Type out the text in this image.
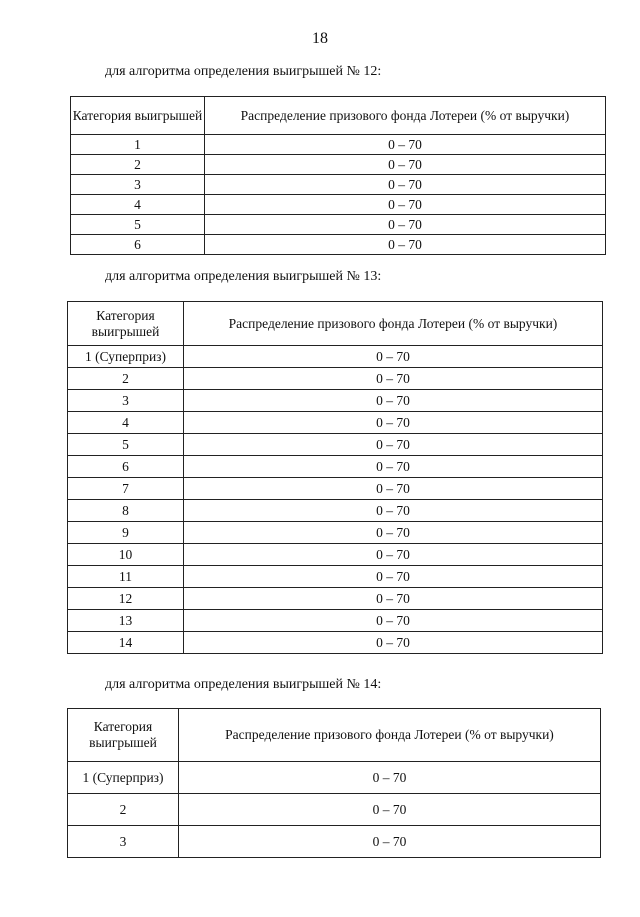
18
для алгоритма определения выигрышей № 12:
Категория выигрышей	Распределение призового фонда Лотереи (% от выручки)
1	0 – 70
2	0 – 70
3	0 – 70
4	0 – 70
5	0 – 70
6	0 – 70
для алгоритма определения выигрышей № 13:
Категория выигрышей	Распределение призового фонда Лотереи (% от выручки)
1 (Суперприз)	0 – 70
2	0 – 70
3	0 – 70
4	0 – 70
5	0 – 70
6	0 – 70
7	0 – 70
8	0 – 70
9	0 – 70
10	0 – 70
11	0 – 70
12	0 – 70
13	0 – 70
14	0 – 70
для алгоритма определения выигрышей № 14:
Категория выигрышей	Распределение призового фонда Лотереи (% от выручки)
1 (Суперприз)	0 – 70
2	0 – 70
3	0 – 70
